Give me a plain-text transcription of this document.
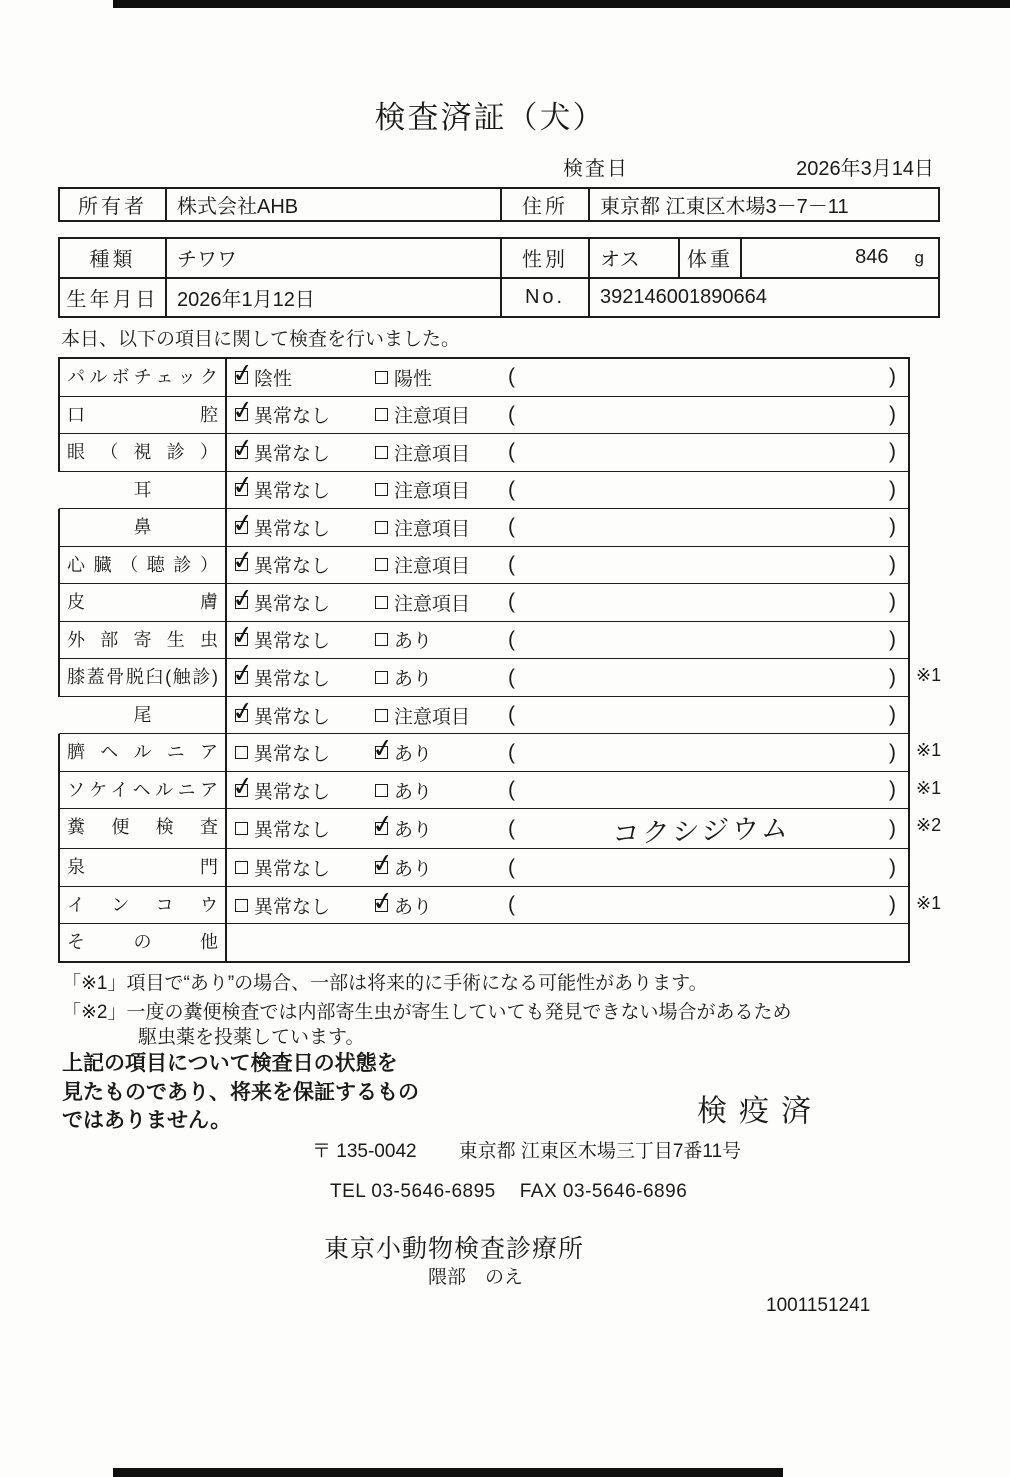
検査済証（犬）
検査日	2026年3月14日
所有者	株式会社AHB	住所	東京都 江東区木場3－7－11
種類	チワワ	性別	オス	体重	846 g
生年月日 2026年1月12日	No.	392146001890664
本日、以下の項目に関して検査を行いました。
パルボチェック ✓	陰性	陽性	(	)
口腔 ✓	異常なし	注意項目 (	)
眼（視診） ✓	異常なし	注意項目 (	)
耳 ✓	異常なし	注意項目 (	)
鼻 ✓	異常なし	注意項目 (	)
心臓（聴診） ✓	異常なし	注意項目 (	)
皮膚 ✓	異常なし	注意項目 (	)
外部寄生虫 ✓	異常なし	あり	(	)
膝蓋骨脱臼(触診) ✓	異常なし	あり	(	) ※1
尾 ✓	異常なし	注意項目 (	)
臍ヘルニア	異常なし ✓	あり	(	) ※1
ソケイヘルニア ✓	異常なし	あり	(	) ※1
糞便検査	異常なし ✓	あり	(	コクシジウム	) ※2
泉門	異常なし ✓	あり	(	)
インコウ	異常なし ✓	あり	(	) ※1
その他
「※1」項目で“あり”の場合、一部は将来的に手術になる可能性があります。
「※2」一度の糞便検査では内部寄生虫が寄生していても発見できない場合があるため
駆虫薬を投薬しています。
上記の項目について検査日の状態を
見たものであり、将来を保証するもの
ではありません。	検疫済
〒 135-0042 東京都 江東区木場三丁目7番11号
TEL 03-5646-6895 FAX 03-5646-6896
東京小動物検査診療所
隈部　のえ
1001151241
